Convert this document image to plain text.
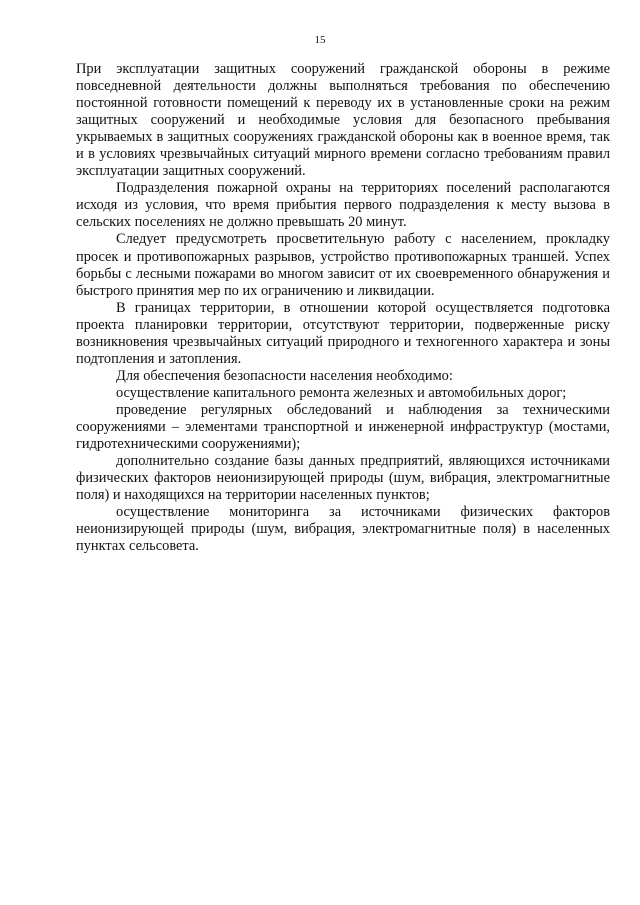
15

При эксплуатации защитных сооружений гражданской обороны в режиме повседневной деятельности должны выполняться требования по обеспечению постоянной готовности помещений к переводу их в установленные сроки на режим защитных сооружений и необходимые условия для безопасного пребывания укрываемых в защитных сооружениях гражданской обороны как в военное время, так и в условиях чрезвычайных ситуаций мирного времени согласно требованиям правил эксплуатации защитных сооружений.

Подразделения пожарной охраны на территориях поселений располагаются исходя из условия, что время прибытия первого подразделения к месту вызова в сельских поселениях не должно превышать 20 минут.

Следует предусмотреть просветительную работу с населением, прокладку просек и противопожарных разрывов, устройство противопожарных траншей. Успех борьбы с лесными пожарами во многом зависит от их своевременного обнаружения и быстрого принятия мер по их ограничению и ликвидации.

В границах территории, в отношении которой осуществляется подготовка проекта планировки территории, отсутствуют территории, подверженные риску возникновения чрезвычайных ситуаций природного и техногенного характера и зоны подтопления и затопления.

Для обеспечения безопасности населения необходимо:

осуществление капитального ремонта железных и автомобильных дорог;

проведение регулярных обследований и наблюдения за техническими сооружениями – элементами транспортной и инженерной инфраструктур (мостами, гидротехническими сооружениями);

дополнительно создание базы данных предприятий, являющихся источниками физических факторов неионизирующей природы (шум, вибрация, электромагнитные поля) и находящихся на территории населенных пунктов;

осуществление мониторинга за источниками физических факторов неионизирующей природы (шум, вибрация, электромагнитные поля) в населенных пунктах сельсовета.
